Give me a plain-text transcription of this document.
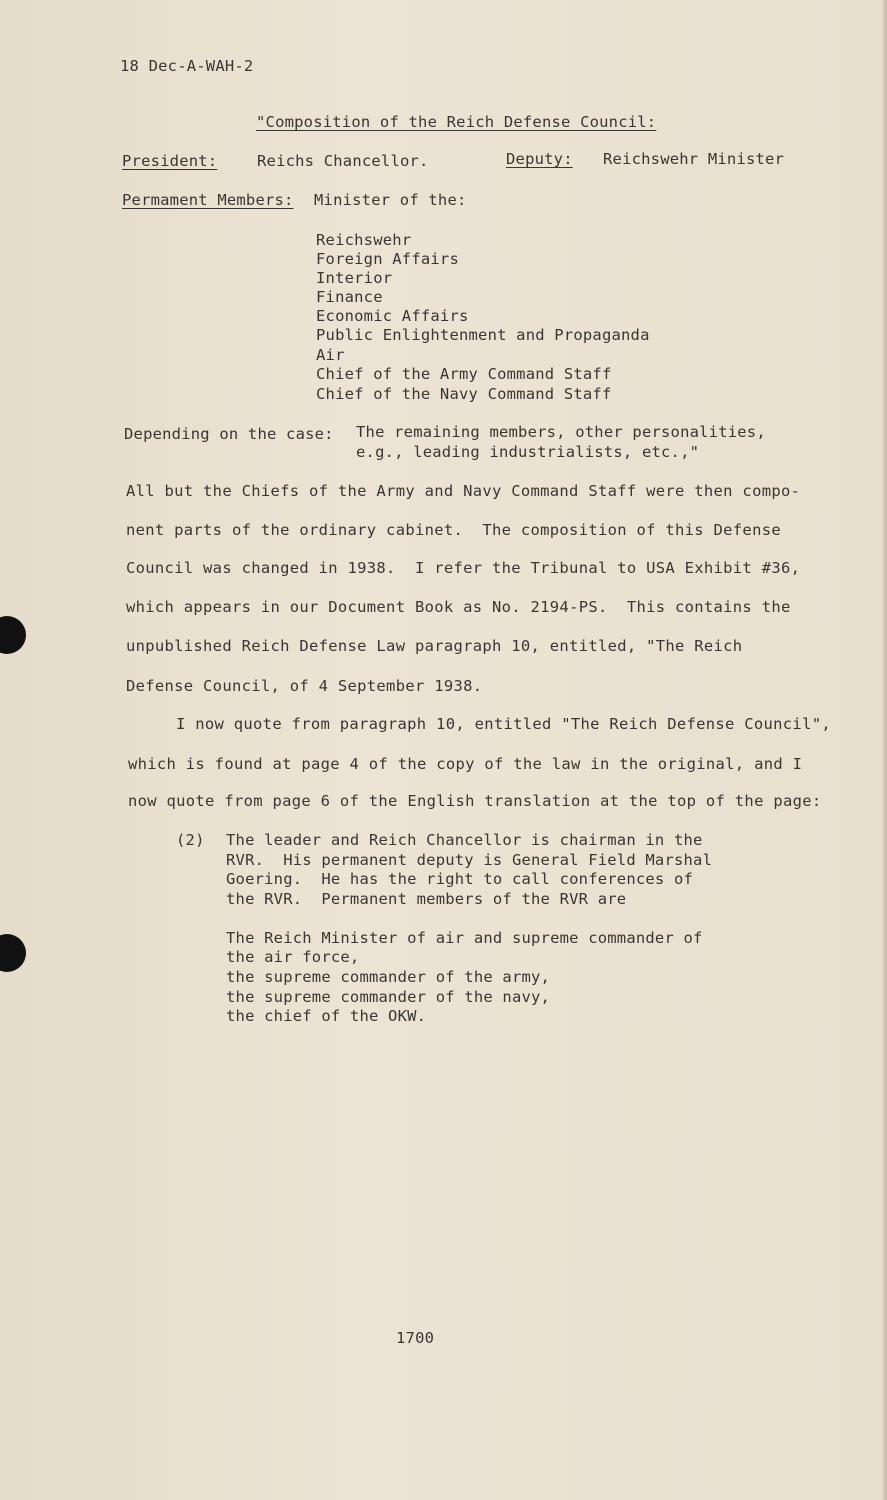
18 Dec-A-WAH-2
"Composition of the Reich Defense Council:
President:	Reichs Chancellor.	Deputy: Reichswehr Minister
Permament Members: Minister of the:
Reichswehr
Foreign Affairs
Interior
Finance
Economic Affairs
Public Enlightenment and Propaganda
Air
Chief of the Army Command Staff
Chief of the Navy Command Staff
Depending on the case: The remaining members, other personalities,
e.g., leading industrialists, etc.,"
All but the Chiefs of the Army and Navy Command Staff were then compo-
nent parts of the ordinary cabinet.  The composition of this Defense
Council was changed in 1938.  I refer the Tribunal to USA Exhibit #36,
which appears in our Document Book as No. 2194-PS.  This contains the
unpublished Reich Defense Law paragraph 10, entitled, "The Reich
Defense Council, of 4 September 1938.
I now quote from paragraph 10, entitled "The Reich Defense Council",
which is found at page 4 of the copy of the law in the original, and I
now quote from page 6 of the English translation at the top of the page:
(2) The leader and Reich Chancellor is chairman in the
RVR.  His permanent deputy is General Field Marshal
Goering.  He has the right to call conferences of
the RVR.  Permanent members of the RVR are
The Reich Minister of air and supreme commander of
the air force,
the supreme commander of the army,
the supreme commander of the navy,
the chief of the OKW.
1700
